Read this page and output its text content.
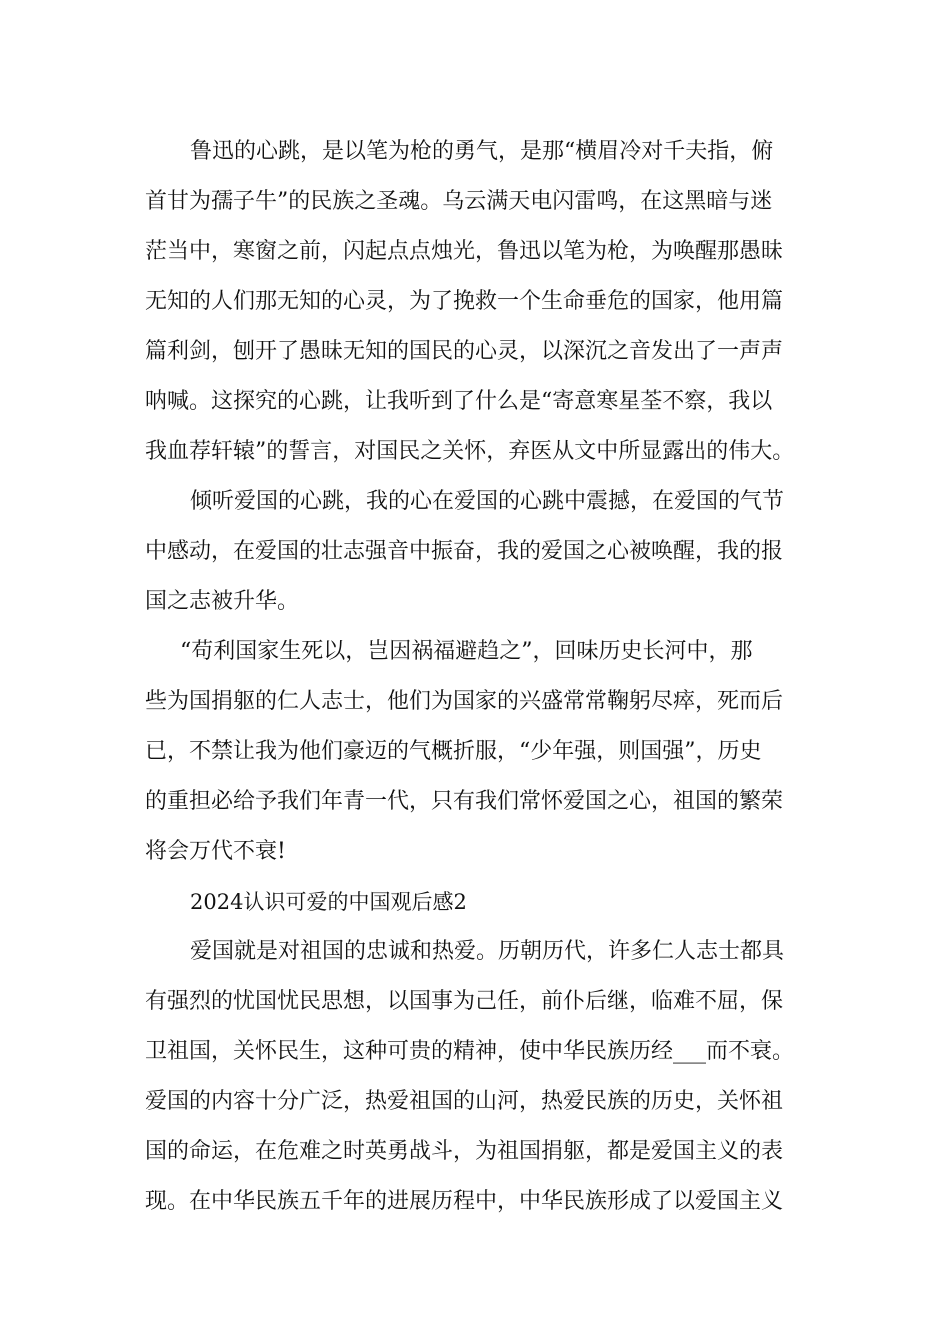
鲁迅的心跳，是以笔为枪的勇气，是那“横眉冷对千夫指，俯
首甘为孺子牛”的民族之圣魂。乌云满天电闪雷鸣，在这黑暗与迷
茫当中，寒窗之前，闪起点点烛光，鲁迅以笔为枪，为唤醒那愚昧
无知的人们那无知的心灵，为了挽救一个生命垂危的国家，他用篇
篇利剑，刨开了愚昧无知的国民的心灵，以深沉之音发出了一声声
呐喊。这探究的心跳，让我听到了什么是“寄意寒星荃不察，我以
我血荐轩辕”的誓言，对国民之关怀，弃医从文中所显露出的伟大。
倾听爱国的心跳，我的心在爱国的心跳中震撼，在爱国的气节
中感动，在爱国的壮志强音中振奋，我的爱国之心被唤醒，我的报
国之志被升华。
“苟利国家生死以，岂因祸福避趋之”，回味历史长河中，那
些为国捐躯的仁人志士，他们为国家的兴盛常常鞠躬尽瘁，死而后
已，不禁让我为他们豪迈的气概折服，“少年强，则国强”，历史
的重担必给予我们年青一代，只有我们常怀爱国之心，祖国的繁荣
将会万代不衰!
2024认识可爱的中国观后感2
爱国就是对祖国的忠诚和热爱。历朝历代，许多仁人志士都具
有强烈的忧国忧民思想，以国事为己任，前仆后继，临难不屈，保
卫祖国，关怀民生，这种可贵的精神，使中华民族历经___而不衰。
爱国的内容十分广泛，热爱祖国的山河，热爱民族的历史，关怀祖
国的命运，在危难之时英勇战斗，为祖国捐躯，都是爱国主义的表
现。在中华民族五千年的进展历程中，中华民族形成了以爱国主义
